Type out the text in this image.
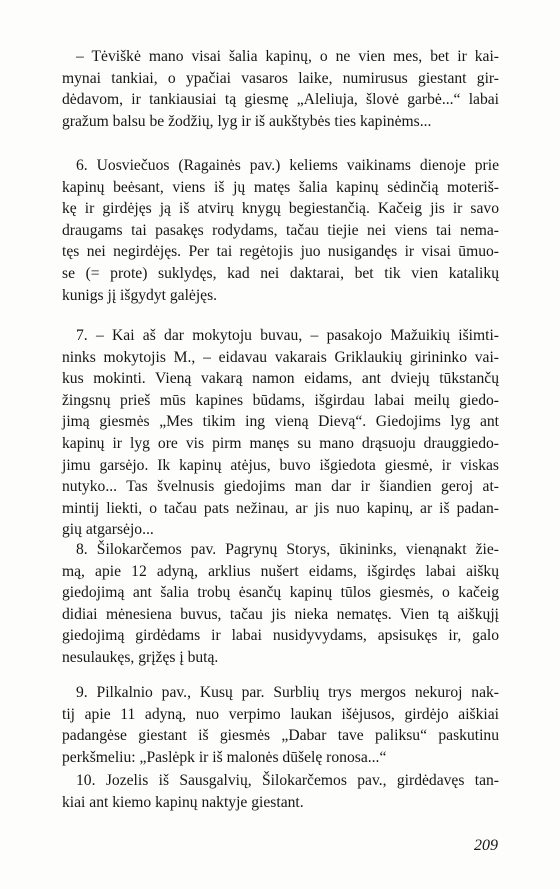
– Tėviškė mano visai šalia kapinų, o ne vien mes, bet ir kai-
mynai tankiai, o ypačiai vasaros laike, numirusus giestant gir-
dėdavom, ir tankiausiai tą giesmę „Aleliuja, šlovė garbė...“ labai
gražum balsu be žodžių, lyg ir iš aukštybės ties kapinėms...
6. Uosviečuos (Ragainės pav.) keliems vaikinams dienoje prie
kapinų beėsant, viens iš jų matęs šalia kapinų sėdinčią moteriš-
kę ir girdėjęs ją iš atvirų knygų begiestančią. Kačeig jis ir savo
draugams tai pasakęs rodydams, tačau tiejie nei viens tai nema-
tęs nei negirdėjęs. Per tai regėtojis juo nusigandęs ir visai ūmuo-
se (= prote) suklydęs, kad nei daktarai, bet tik vien katalikų
kunigs jį išgydyt galėjęs.
7. – Kai aš dar mokytoju buvau, – pasakojo Mažuikių išimti-
ninks mokytojis M., – eidavau vakarais Griklaukių girininko vai-
kus mokinti. Vieną vakarą namon eidams, ant dviejų tūkstančų
žingsnų prieš mūs kapines būdams, išgirdau labai meilų giedo-
jimą giesmės „Mes tikim ing vieną Dievą“. Giedojims lyg ant
kapinų ir lyg ore vis pirm manęs su mano drąsuoju drauggiedo-
jimu garsėjo. Ik kapinų atėjus, buvo išgiedota giesmė, ir viskas
nutyko... Tas švelnusis giedojims man dar ir šiandien geroj at-
mintij liekti, o tačau pats nežinau, ar jis nuo kapinų, ar iš padan-
gių atgarsėjo...
8. Šilokarčemos pav. Pagrynų Storys, ūkininks, vienąnakt žie-
mą, apie 12 adyną, arklius nušert eidams, išgirdęs labai aiškų
giedojimą ant šalia trobų ėsančų kapinų tūlos giesmės, o kačeig
didiai mėnesiena buvus, tačau jis nieka nematęs. Vien tą aiškųjį
giedojimą girdėdams ir labai nusidyvydams, apsisukęs ir, galo
nesulaukęs, grįžęs į butą.
9. Pilkalnio pav., Kusų par. Surblių trys mergos nekuroj nak-
tij apie 11 adyną, nuo verpimo laukan išėjusos, girdėjo aiškiai
padangėse giestant iš giesmės „Dabar tave paliksu“ paskutinu
perkšmeliu: „Paslėpk ir iš malonės dūšelę ronosa...“
10. Jozelis iš Sausgalvių, Šilokarčemos pav., girdėdavęs tan-
kiai ant kiemo kapinų naktyje giestant.
209
